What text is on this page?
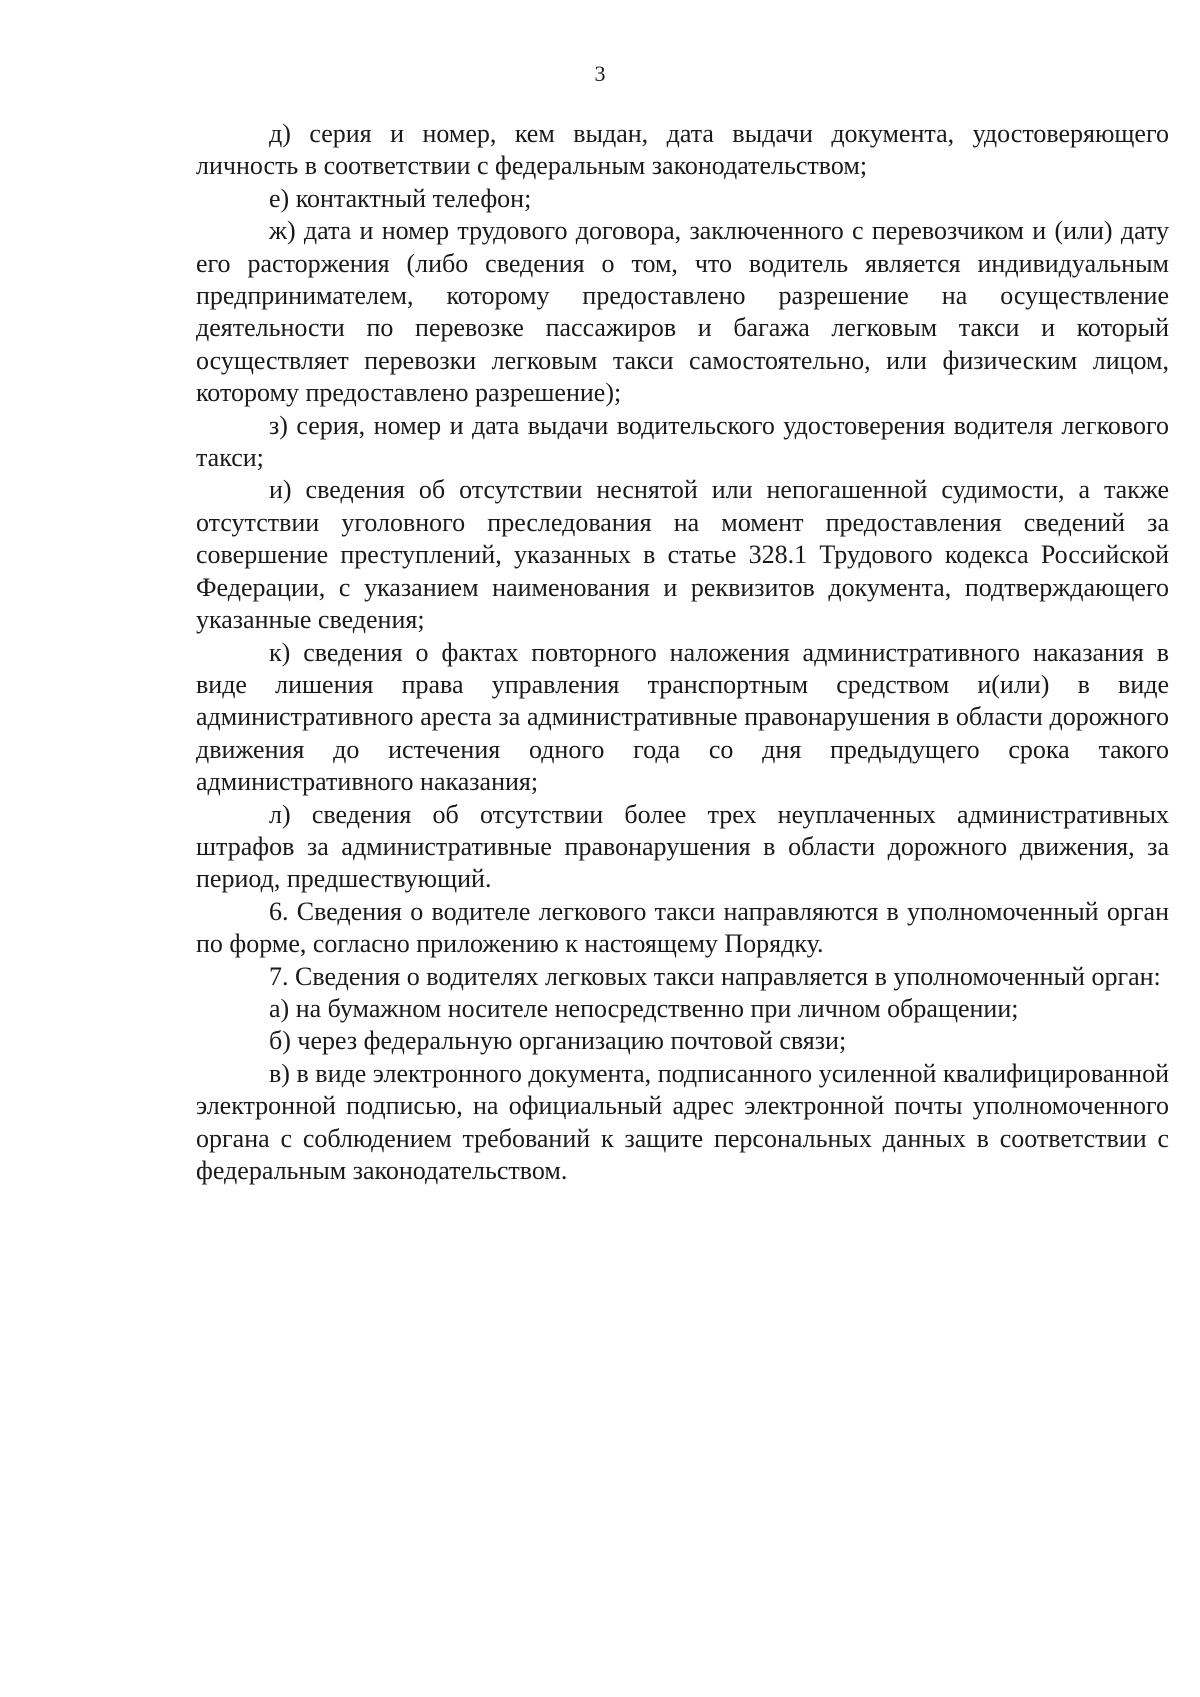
3

д) серия и номер, кем выдан, дата выдачи документа, удостоверяющего личность в соответствии с федеральным законодательством;

е) контактный телефон;

ж) дата и номер трудового договора, заключенного с перевозчиком и (или) дату его расторжения (либо сведения о том, что водитель является индивидуальным предпринимателем, которому предоставлено разрешение на осуществление деятельности по перевозке пассажиров и багажа легковым такси и который осуществляет перевозки легковым такси самостоятельно, или физическим лицом, которому предоставлено разрешение);

з) серия, номер и дата выдачи водительского удостоверения водителя легкового такси;

и) сведения об отсутствии неснятой или непогашенной судимости, а также отсутствии уголовного преследования на момент предоставления сведений за совершение преступлений, указанных в статье 328.1 Трудового кодекса Российской Федерации, с указанием наименования и реквизитов документа, подтверждающего указанные сведения;

к) сведения о фактах повторного наложения административного наказания в виде лишения права управления транспортным средством и(или) в виде административного ареста за административные правонарушения в области дорожного движения до истечения одного года со дня предыдущего срока такого административного наказания;

л) сведения об отсутствии более трех неуплаченных административных штрафов за административные правонарушения в области дорожного движения, за период, предшествующий.

6. Сведения о водителе легкового такси направляются в уполномоченный орган по форме, согласно приложению к настоящему Порядку.

7. Сведения о водителях легковых такси направляется в уполномоченный орган:

а) на бумажном носителе непосредственно при личном обращении;

б) через федеральную организацию почтовой связи;

в) в виде электронного документа, подписанного усиленной квалифицированной электронной подписью, на официальный адрес электронной почты уполномоченного органа с соблюдением требований к защите персональных данных в соответствии с федеральным законодательством.
